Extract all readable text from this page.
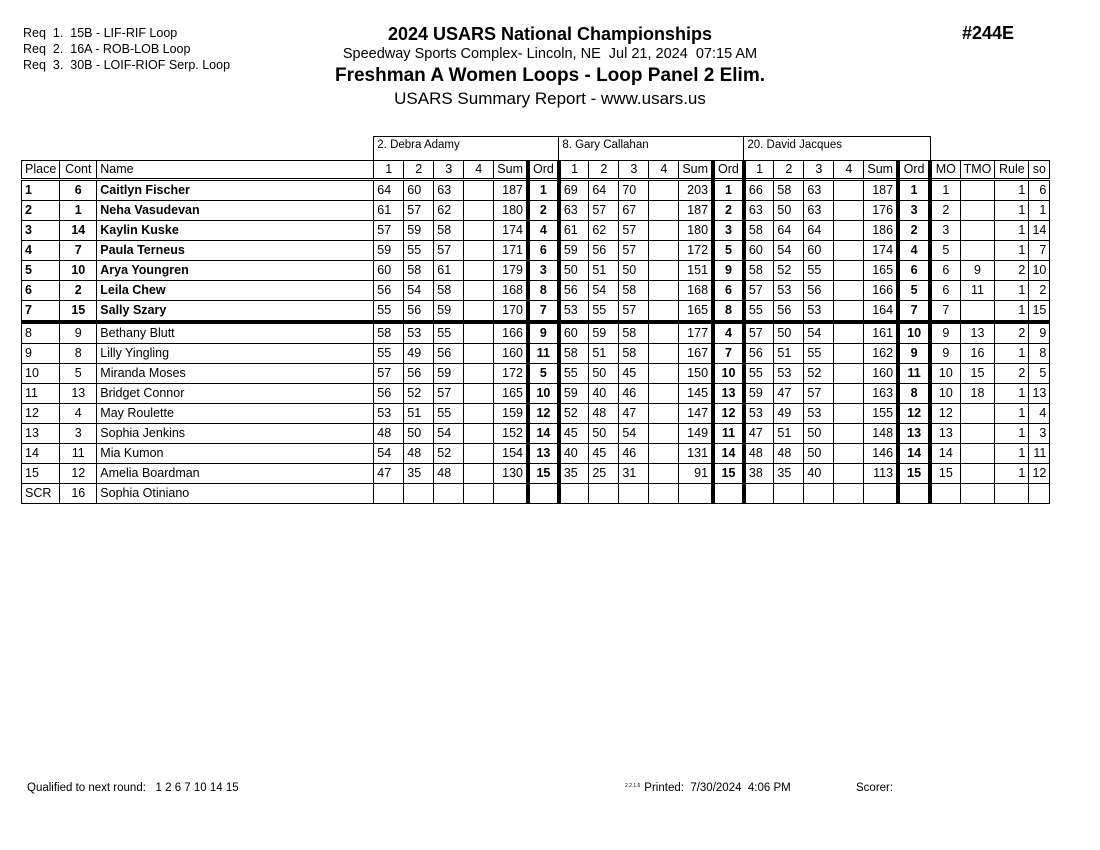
Req  1.  15B - LIF-RIF Loop
Req  2.  16A - ROB-LOB Loop
Req  3.  30B - LOIF-RIOF Serp. Loop
2024 USARS National Championships
Speedway Sports Complex- Lincoln, NE  Jul 21, 2024  07:15 AM
Freshman A Women Loops - Loop Panel 2 Elim.
USARS Summary Report - www.usars.us
#244E
			2. Debra Adamy						8. Gary Callahan						20. David Jacques									
Place	Cont	Name	1	2	3	4	Sum	Ord	1	2	3	4	Sum	Ord	1	2	3	4	Sum	Ord	MO	TMO	Rule	so
1	6	Caitlyn Fischer	64	60	63		187	1	69	64	70		203	1	66	58	63		187	1	1		1	6
2	1	Neha Vasudevan	61	57	62		180	2	63	57	67		187	2	63	50	63		176	3	2		1	1
3	14	Kaylin Kuske	57	59	58		174	4	61	62	57		180	3	58	64	64		186	2	3		1	14
4	7	Paula Terneus	59	55	57		171	6	59	56	57		172	5	60	54	60		174	4	5		1	7
5	10	Arya Youngren	60	58	61		179	3	50	51	50		151	9	58	52	55		165	6	6	9	2	10
6	2	Leila Chew	56	54	58		168	8	56	54	58		168	6	57	53	56		166	5	6	11	1	2
7	15	Sally Szary	55	56	59		170	7	53	55	57		165	8	55	56	53		164	7	7		1	15
8	9	Bethany Blutt	58	53	55		166	9	60	59	58		177	4	57	50	54		161	10	9	13	2	9
9	8	Lilly Yingling	55	49	56		160	11	58	51	58		167	7	56	51	55		162	9	9	16	1	8
10	5	Miranda Moses	57	56	59		172	5	55	50	45		150	10	55	53	52		160	11	10	15	2	5
11	13	Bridget Connor	56	52	57		165	10	59	40	46		145	13	59	47	57		163	8	10	18	1	13
12	4	May Roulette	53	51	55		159	12	52	48	47		147	12	53	49	53		155	12	12		1	4
13	3	Sophia Jenkins	48	50	54		152	14	45	50	54		149	11	47	51	50		148	13	13		1	3
14	11	Mia Kumon	54	48	52		154	13	40	45	46		131	14	48	48	50		146	14	14		1	11
15	12	Amelia Boardman	47	35	48		130	15	35	25	31		91	15	38	35	40		113	15	15		1	12
SCR	16	Sophia Otiniano																						
Qualified to next round: 1 2 6 7 10 14 15	$^{2.2.1.6}$ Printed:  7/30/2024  4:06 PM	Scorer:
